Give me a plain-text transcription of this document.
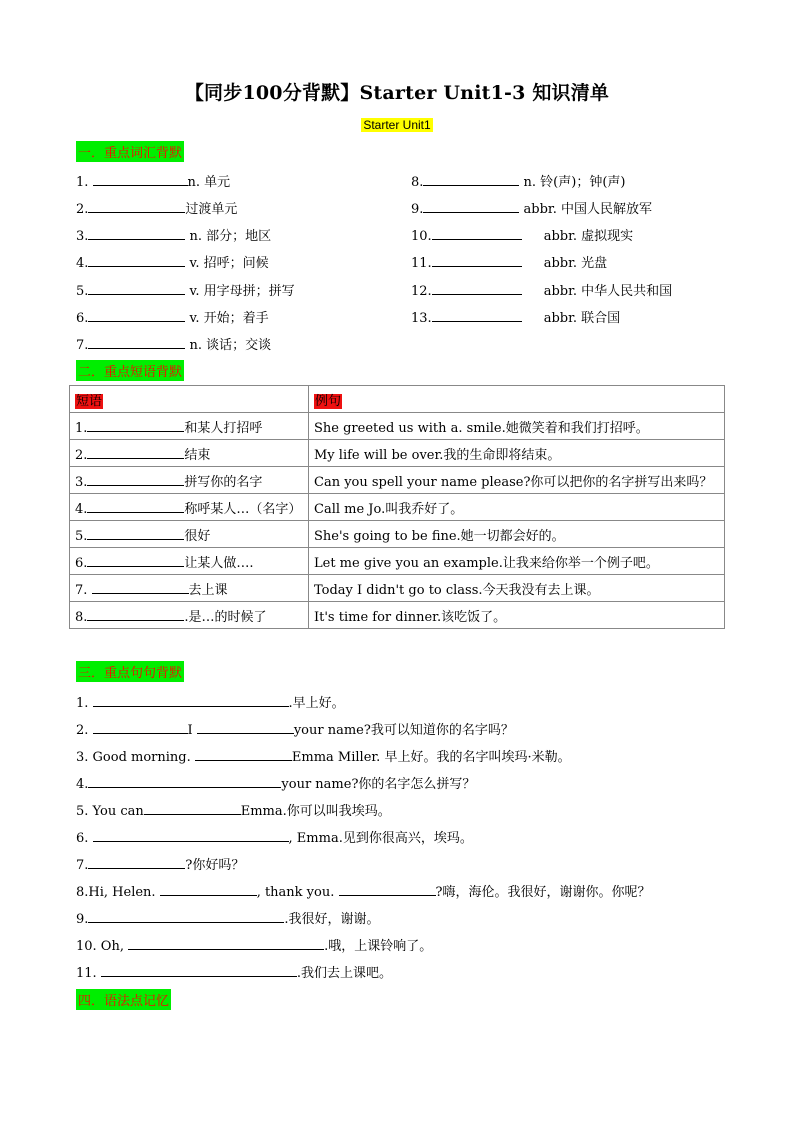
【同步100分背默】Starter Unit1-3 知识清单
Starter Unit1
一．重点词汇背默
1.	n. 单元
2.	过渡单元
3.	n. 部分；地区
4.	v. 招呼；问候
5.	v. 用字母拼；拼写
6.	v. 开始；着手
7.	n. 谈话；交谈
8.	n. 铃(声)；钟(声)
9.	abbr. 中国人民解放军
10.	abbr. 虚拟现实
11.	abbr. 光盘
12.	abbr. 中华人民共和国
13.	abbr. 联合国
二．重点短语背默
短语	例句
1. 和某人打招呼	She greeted us with a. smile.她微笑着和我们打招呼。
2. 结束	My life will be over.我的生命即将结束。
3. 拼写你的名字	Can you spell your name please?你可以把你的名字拼写出来吗？
4. 称呼某人…（名字）	Call me Jo.叫我乔好了。
5. 很好	She's going to be fine.她一切都会好的。
6. 让某人做….	Let me give you an example.让我来给你举一个例子吧。
7. 去上课	Today I didn't go to class.今天我没有去上课。
8. .是…的时候了	It's time for dinner.该吃饭了。
三．重点句句背默
1.	.早上好。
2.	I	your name?我可以知道你的名字吗？
3. Good morning.	Emma Miller. 早上好。我的名字叫埃玛·米勒。
4.	your name?你的名字怎么拼写？
5. You can	Emma.你可以叫我埃玛。
6.	, Emma.见到你很高兴，埃玛。
7.	?你好吗？
8.Hi, Helen.	, thank you.	?嗨，海伦。我很好，谢谢你。你呢？
9.	.我很好，谢谢。
10. Oh,	.哦，上课铃响了。
11.	.我们去上课吧。
四．语法点记忆
